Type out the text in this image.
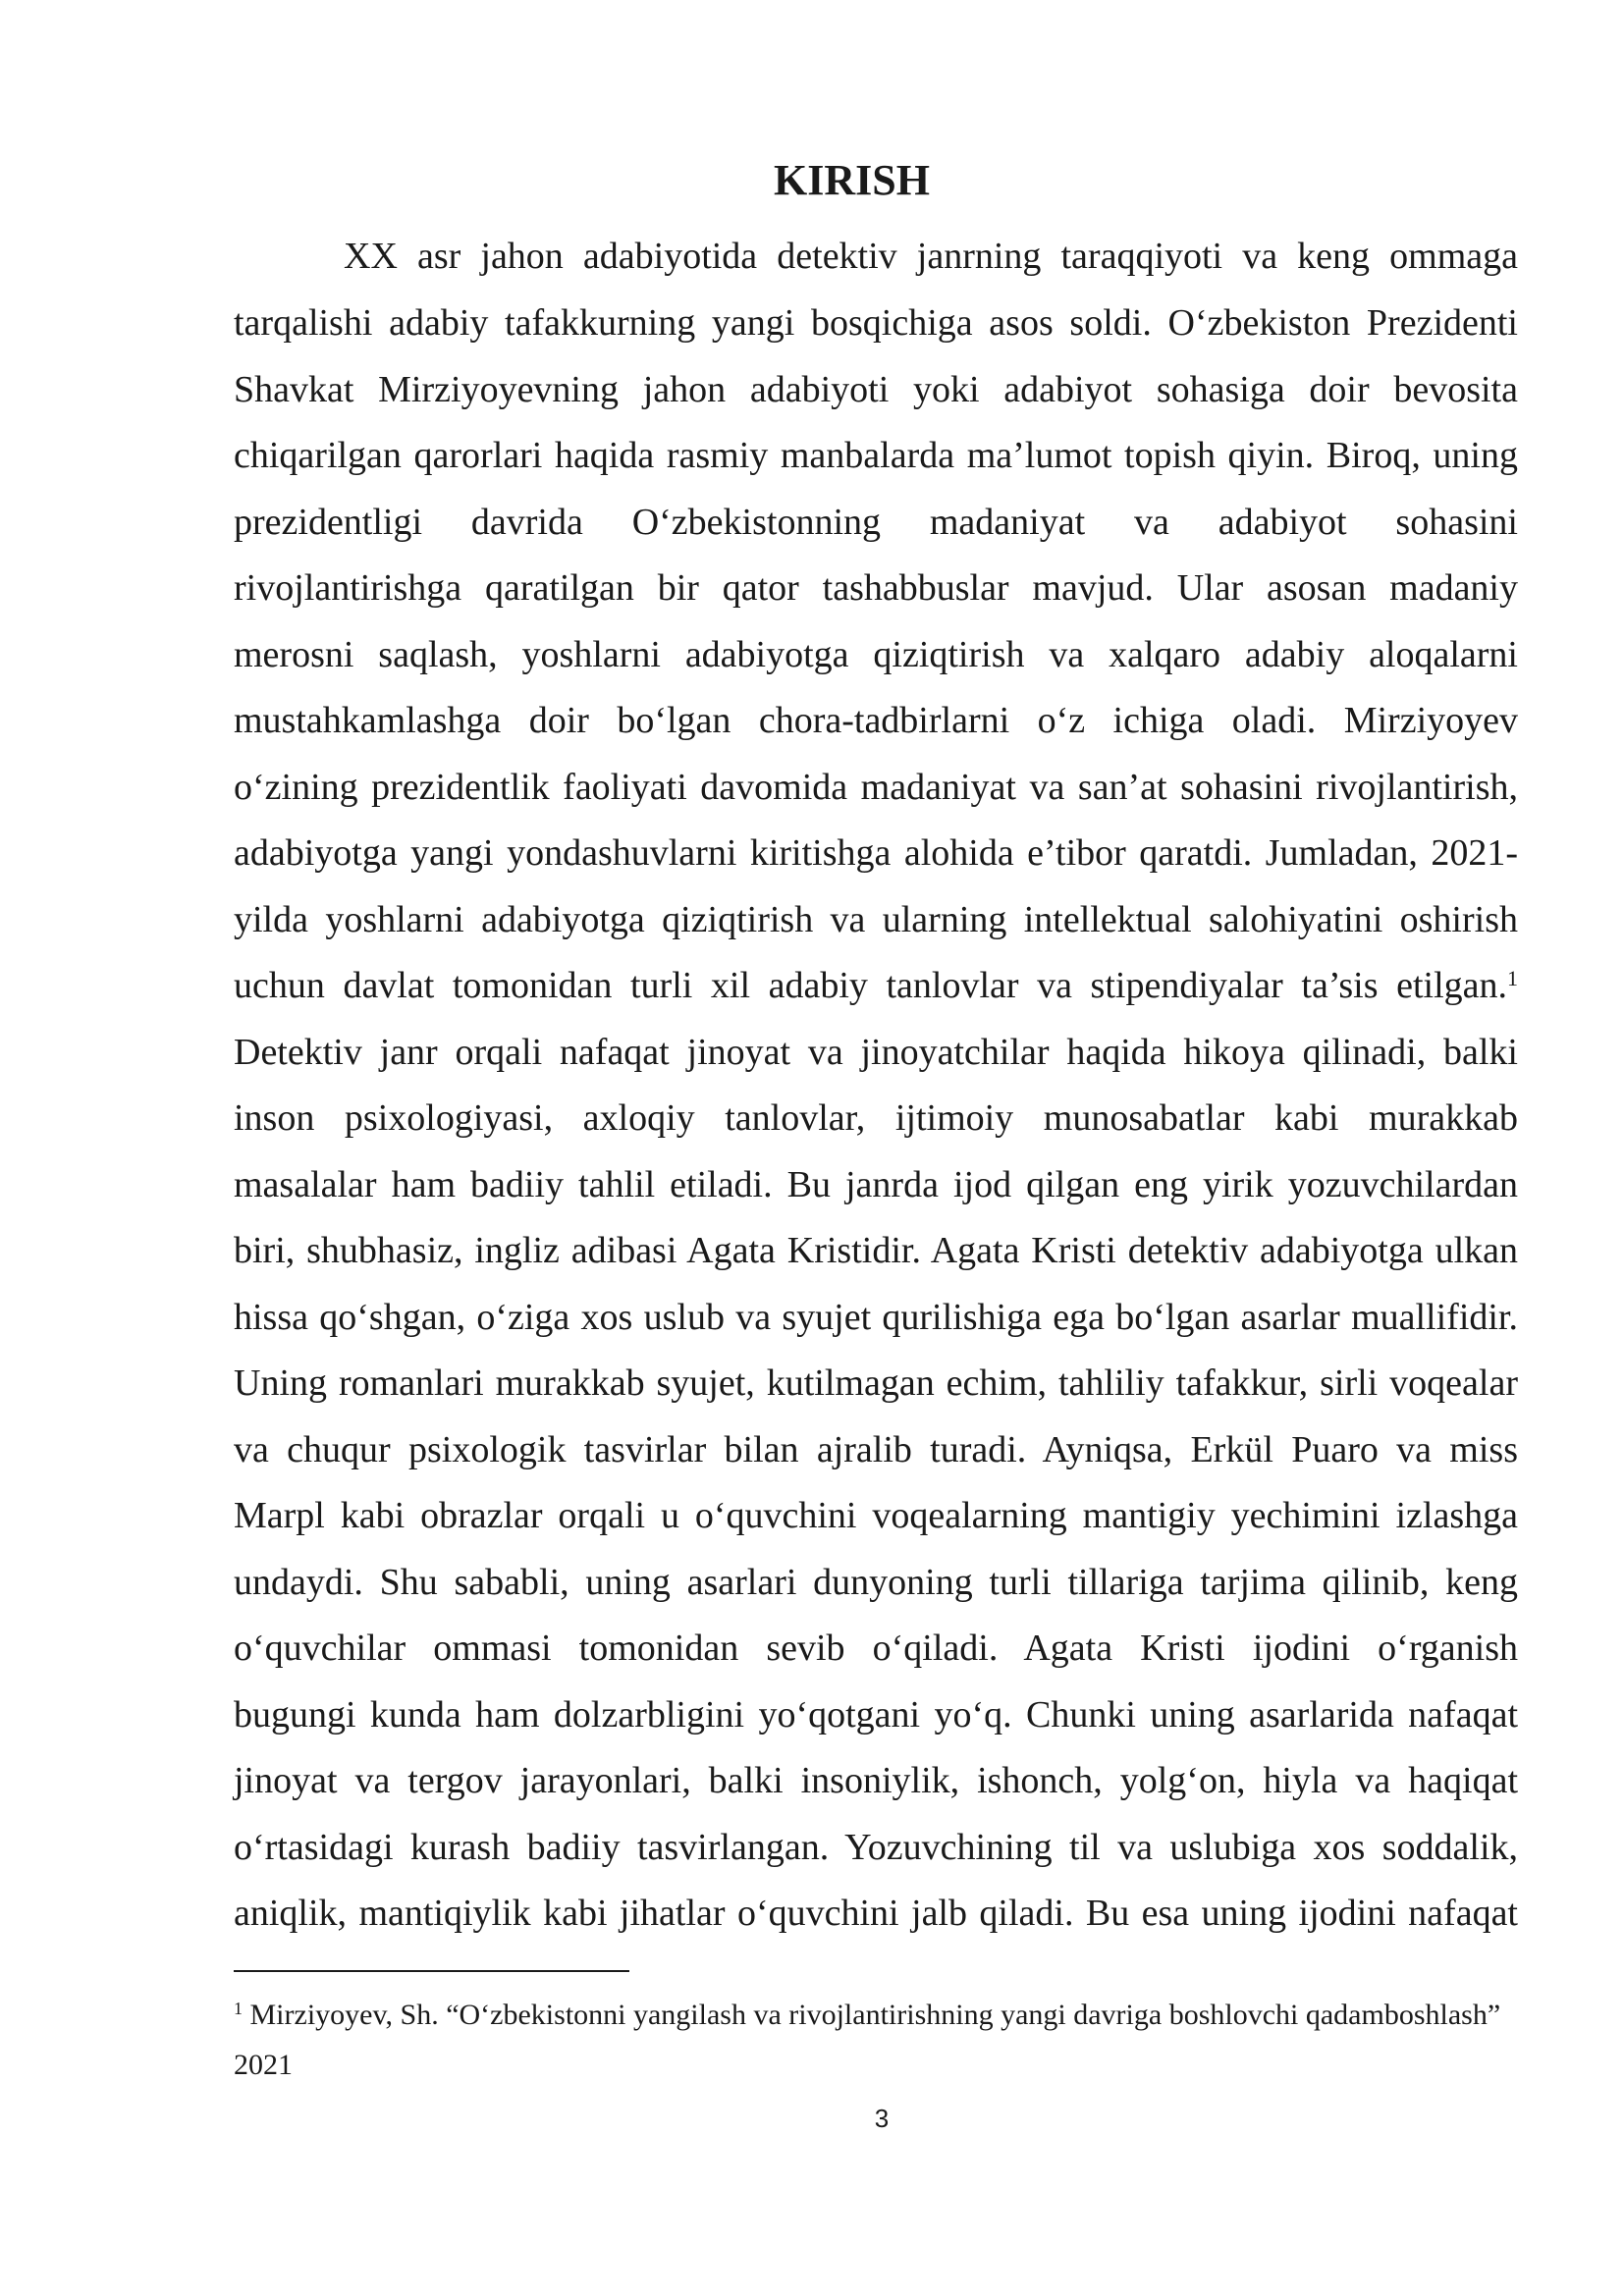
KIRISH
XX asr jahon adabiyotida detektiv janrning taraqqiyoti va keng ommaga
tarqalishi adabiy tafakkurning yangi bosqichiga asos soldi. O‘zbekiston Prezidenti
Shavkat Mirziyoyevning jahon adabiyoti yoki adabiyot sohasiga doir bevosita
chiqarilgan qarorlari haqida rasmiy manbalarda ma’lumot topish qiyin. Biroq, uning
prezidentligi davrida O‘zbekistonning madaniyat va adabiyot sohasini
rivojlantirishga qaratilgan bir qator tashabbuslar mavjud. Ular asosan madaniy
merosni saqlash, yoshlarni adabiyotga qiziqtirish va xalqaro adabiy aloqalarni
mustahkamlashga doir bo‘lgan chora-tadbirlarni o‘z ichiga oladi. Mirziyoyev
o‘zining prezidentlik faoliyati davomida madaniyat va san’at sohasini rivojlantirish,
adabiyotga yangi yondashuvlarni kiritishga alohida e’tibor qaratdi. Jumladan, 2021-
yilda yoshlarni adabiyotga qiziqtirish va ularning intellektual salohiyatini oshirish
uchun davlat tomonidan turli xil adabiy tanlovlar va stipendiyalar ta’sis etilgan.$^1$
Detektiv janr orqali nafaqat jinoyat va jinoyatchilar haqida hikoya qilinadi, balki
inson psixologiyasi, axloqiy tanlovlar, ijtimoiy munosabatlar kabi murakkab
masalalar ham badiiy tahlil etiladi. Bu janrda ijod qilgan eng yirik yozuvchilardan
biri, shubhasiz, ingliz adibasi Agata Kristidir. Agata Kristi detektiv adabiyotga ulkan
hissa qo‘shgan, o‘ziga xos uslub va syujet qurilishiga ega bo‘lgan asarlar muallifidir.
Uning romanlari murakkab syujet, kutilmagan echim, tahliliy tafakkur, sirli voqealar
va chuqur psixologik tasvirlar bilan ajralib turadi. Ayniqsa, Erkül Puaro va miss
Marpl kabi obrazlar orqali u o‘quvchini voqealarning mantigiy yechimini izlashga
undaydi. Shu sababli, uning asarlari dunyoning turli tillariga tarjima qilinib, keng
o‘quvchilar ommasi tomonidan sevib o‘qiladi. Agata Kristi ijodini o‘rganish
bugungi kunda ham dolzarbligini yo‘qotgani yo‘q. Chunki uning asarlarida nafaqat
jinoyat va tergov jarayonlari, balki insoniylik, ishonch, yolg‘on, hiyla va haqiqat
o‘rtasidagi kurash badiiy tasvirlangan. Yozuvchining til va uslubiga xos soddalik,
aniqlik, mantiqiylik kabi jihatlar o‘quvchini jalb qiladi. Bu esa uning ijodini nafaqat
$^1$ Mirziyoyev, Sh. “O‘zbekistonni yangilash va rivojlantirishning yangi davriga boshlovchi qadamboshlash”
2021
3
